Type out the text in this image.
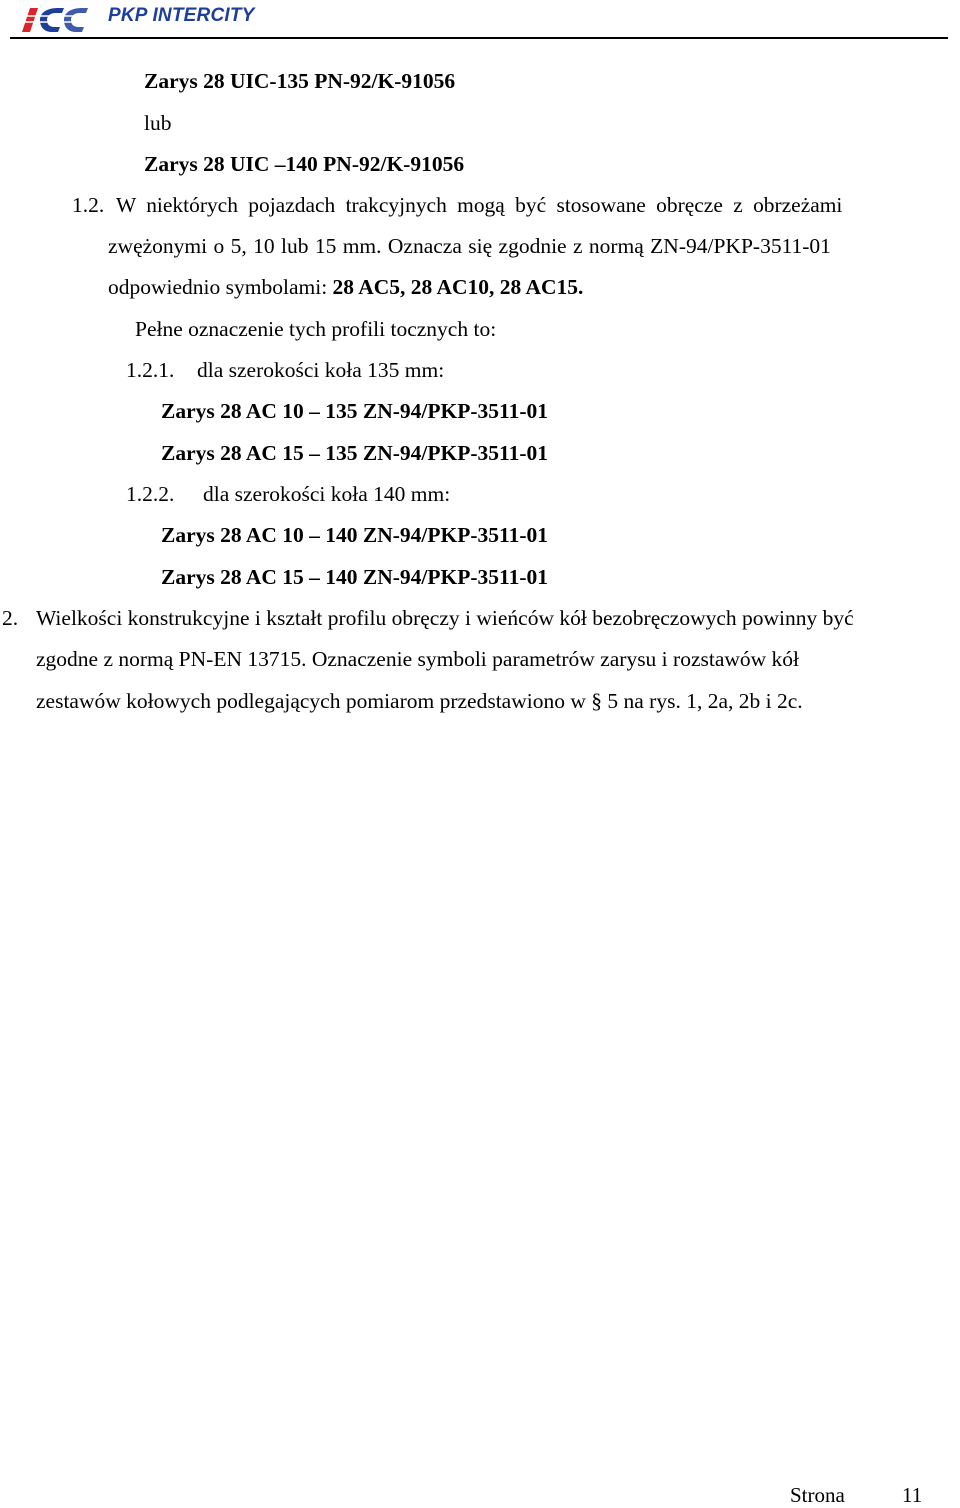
PKP INTERCITY
Zarys 28 UIC-135 PN-92/K-91056
lub
Zarys 28 UIC –140 PN-92/K-91056
1.2. W niektórych pojazdach trakcyjnych mogą być stosowane obręcze z obrzeżami
zwężonymi o 5, 10 lub 15 mm. Oznacza się zgodnie z normą ZN-94/PKP-3511-01
odpowiednio symbolami: 28 AC5, 28 AC10, 28 AC15.
Pełne oznaczenie tych profili tocznych to:
1.2.1. dla szerokości koła 135 mm:
Zarys 28 AC 10 – 135 ZN-94/PKP-3511-01
Zarys 28 AC 15 – 135 ZN-94/PKP-3511-01
1.2.2. dla szerokości koła 140 mm:
Zarys 28 AC 10 – 140 ZN-94/PKP-3511-01
Zarys 28 AC 15 – 140 ZN-94/PKP-3511-01
2. Wielkości konstrukcyjne i kształt profilu obręczy i wieńców kół bezobręczowych powinny być
zgodne z normą PN-EN 13715. Oznaczenie symboli parametrów zarysu i rozstawów kół
zestawów kołowych podlegających pomiarom przedstawiono w § 5 na rys. 1, 2a, 2b i 2c.
Strona	11
